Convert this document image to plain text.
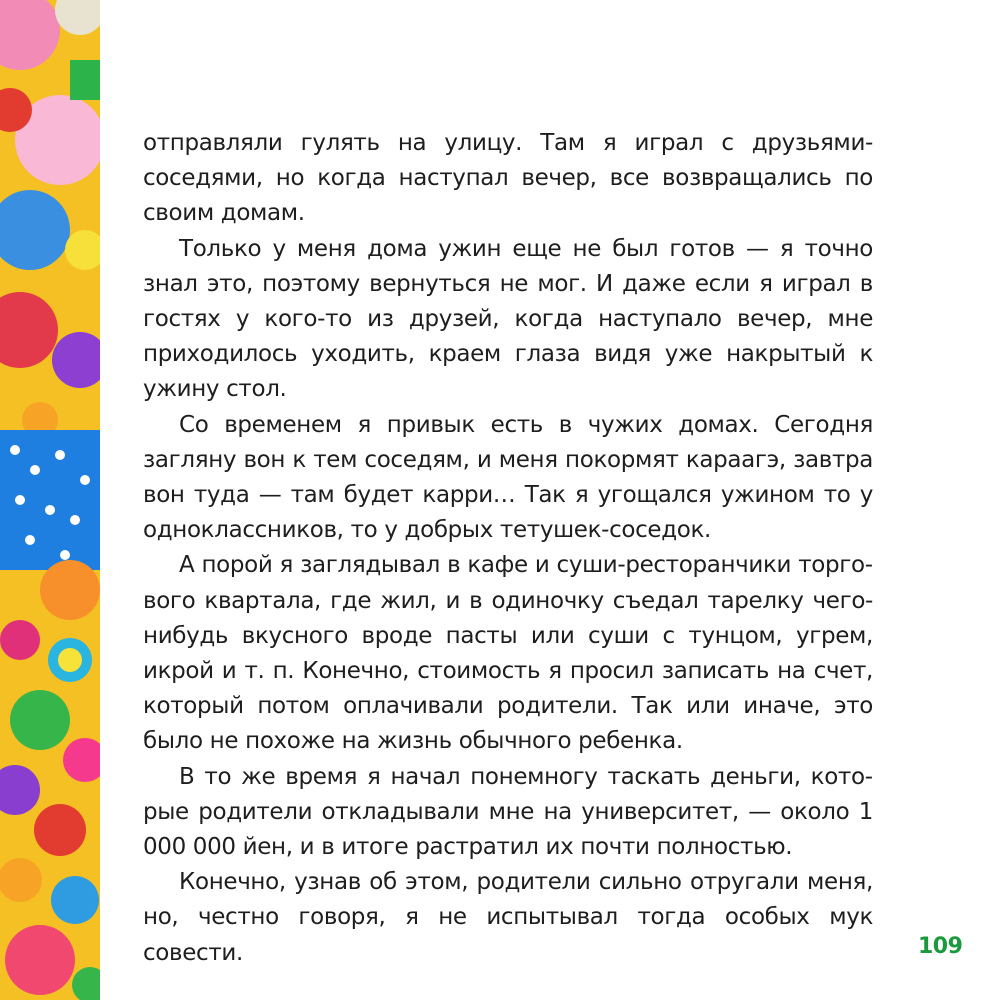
отправляли гулять на улицу. Там я играл с друзьями-соседями, но когда наступал вечер, все возвращались по своим домам.

Только у меня дома ужин еще не был готов — я точно знал это, поэтому вернуться не мог. И даже если я играл в гостях у кого-то из друзей, когда наступало вечер, мне приходилось уходить, краем глаза видя уже накрытый к ужину стол.

Со временем я привык есть в чужих домах. Сегодня загляну вон к тем соседям, и меня покормят караагэ, завтра вон туда — там будет карри… Так я угощался ужином то у одноклассников, то у добрых тетушек-соседок.

А порой я заглядывал в кафе и суши-ресторанчики торгового квартала, где жил, и в одиночку съедал тарелку чего-нибудь вкусного вроде пасты или суши с тунцом, угрем, икрой и т. п. Конечно, стоимость я просил записать на счет, который потом оплачивали родители. Так или иначе, это было не похоже на жизнь обычного ребенка.

В то же время я начал понемногу таскать деньги, которые родители откладывали мне на университет, — около 1 000 000 йен, и в итоге растратил их почти полностью.

Конечно, узнав об этом, родители сильно отругали меня, но, честно говоря, я не испытывал тогда особых мук совести.	109
